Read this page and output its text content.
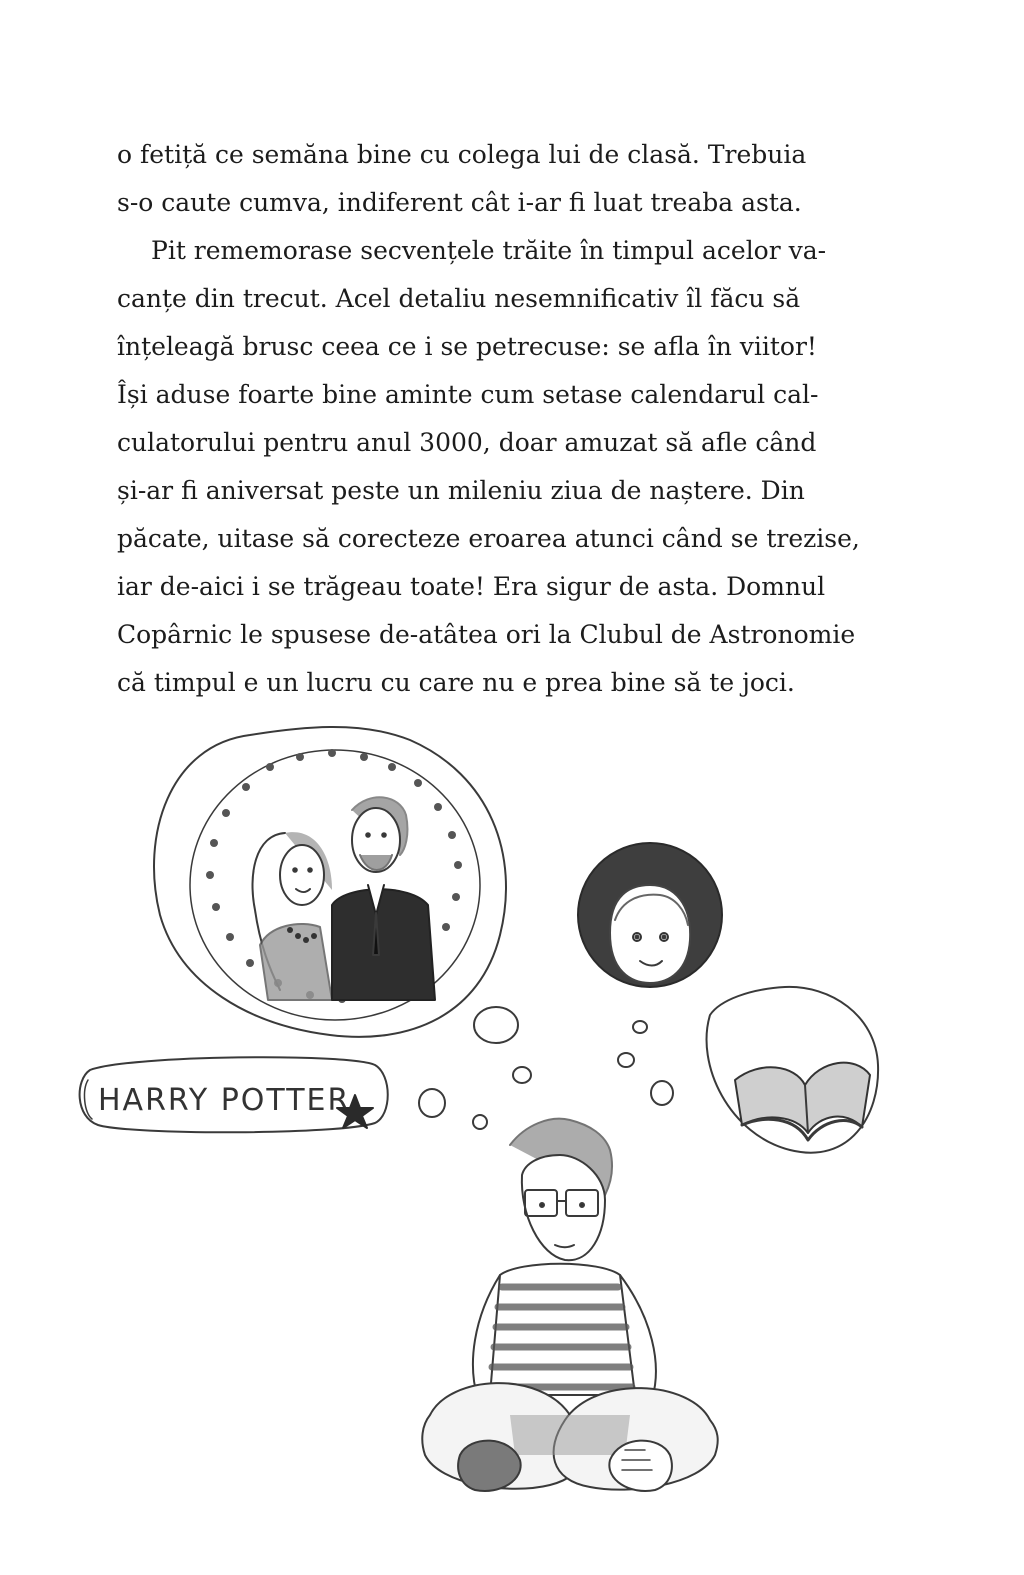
o fetiță ce semăna bine cu colega lui de clasă. Trebuia
s-o caute cumva, indiferent cât i-ar fi luat treaba asta.
Pit rememorase secvențele trăite în timpul acelor va-
canțe din trecut. Acel detaliu nesemnificativ îl făcu să
înțeleagă brusc ceea ce i se petrecuse: se afla în viitor!
Își aduse foarte bine aminte cum setase calendarul cal-
culatorului pentru anul 3000, doar amuzat să afle când
și-ar fi aniversat peste un mileniu ziua de naștere. Din
păcate, uitase să corecteze eroarea atunci când se trezise,
iar de-aici i se trăgeau toate! Era sigur de asta. Domnul
Copârnic le spusese de-atâtea ori la Clubul de Astronomie
că timpul e un lucru cu care nu e prea bine să te joci.
HARRY POTTER
